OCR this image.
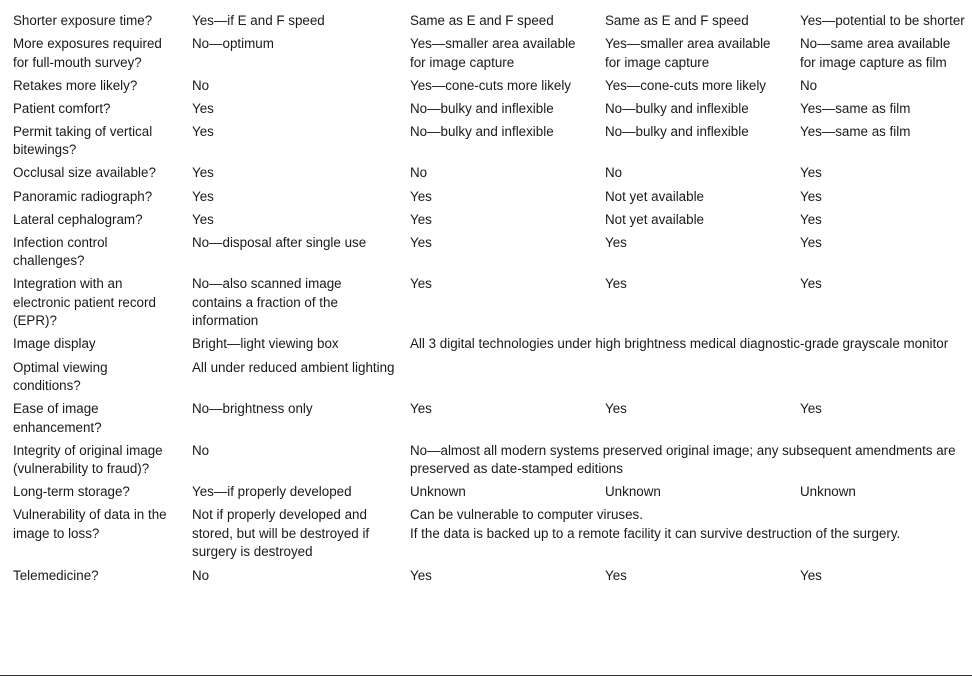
Shorter exposure time?	Yes—if E and F speed	Same as E and F speed	Same as E and F speed	Yes—potential to be shorter
More exposures required for full-mouth survey?	No—optimum	Yes—smaller area available for image capture	Yes—smaller area available for image capture	No—same area available for image capture as film
Retakes more likely?	No	Yes—cone-cuts more likely	Yes—cone-cuts more likely	No
Patient comfort?	Yes	No—bulky and inflexible	No—bulky and inflexible	Yes—same as film
Permit taking of vertical bitewings?	Yes	No—bulky and inflexible	No—bulky and inflexible	Yes—same as film
Occlusal size available?	Yes	No	No	Yes
Panoramic radiograph?	Yes	Yes	Not yet available	Yes
Lateral cephalogram?	Yes	Yes	Not yet available	Yes
Infection control challenges?	No—disposal after single use	Yes	Yes	Yes
Integration with an electronic patient record (EPR)?	No—also scanned image contains a fraction of the information	Yes	Yes	Yes
Image display	Bright—light viewing box	All 3 digital technologies under high brightness medical diagnostic-grade grayscale monitor		
Optimal viewing conditions?	All under reduced ambient lighting			
Ease of image enhancement?	No—brightness only	Yes	Yes	Yes
Integrity of original image (vulnerability to fraud)?	No	No—almost all modern systems preserved original image; any subsequent amendments are preserved as date-stamped editions		
Long-term storage?	Yes—if properly developed	Unknown	Unknown	Unknown
Vulnerability of data in the image to loss?	Not if properly developed and stored, but will be destroyed if surgery is destroyed	Can be vulnerable to computer viruses.
If the data is backed up to a remote facility it can survive destruction of the surgery.		

Telemedicine?	No	Yes	Yes	Yes
